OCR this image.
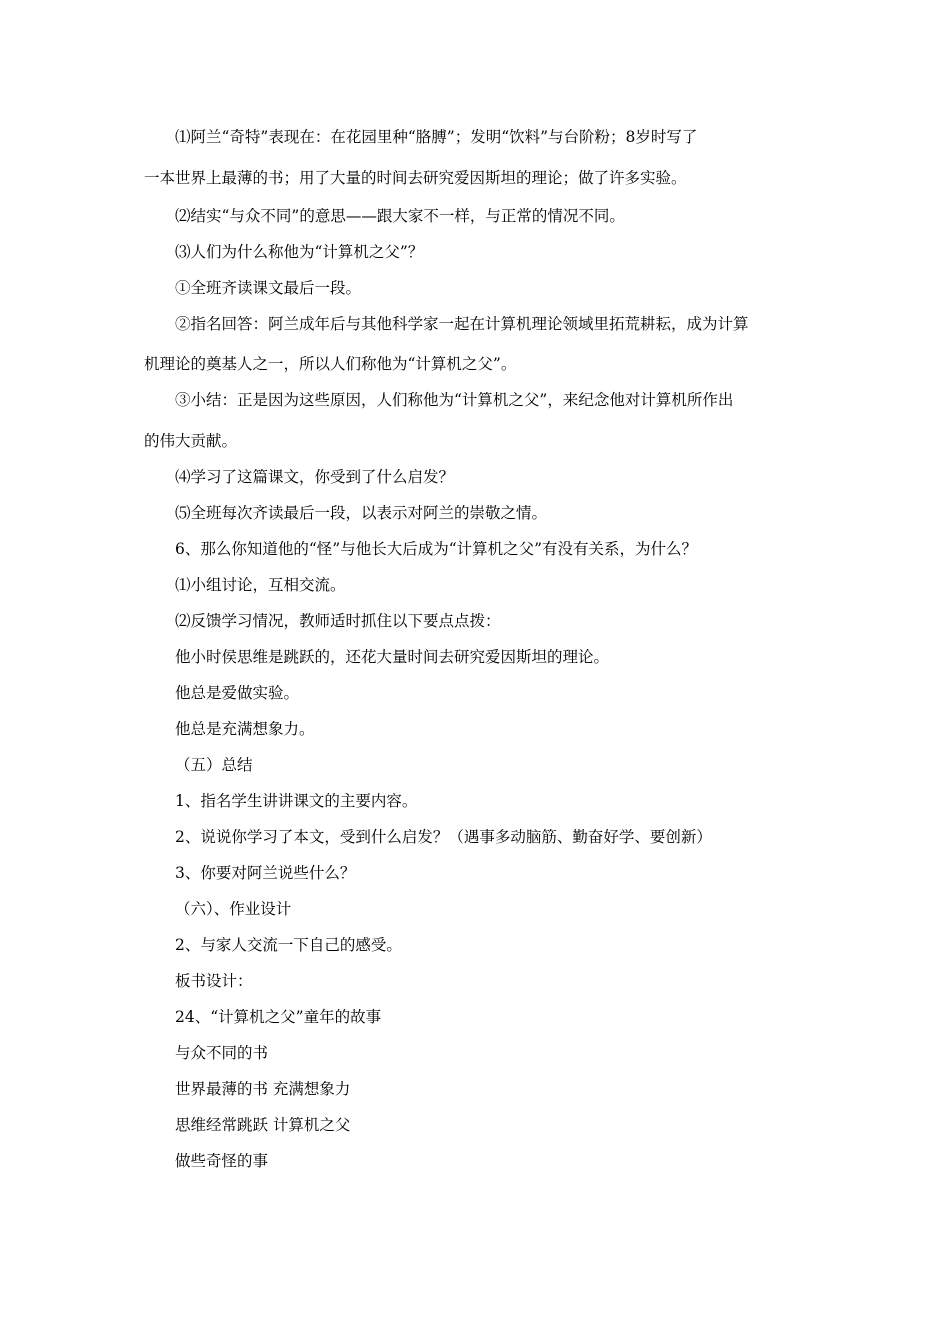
⑴阿兰“奇特”表现在：在花园里种“胳膊”；发明“饮料”与台阶粉；8岁时写了
一本世界上最薄的书；用了大量的时间去研究爱因斯坦的理论；做了许多实验。
⑵结实“与众不同”的意思——跟大家不一样，与正常的情况不同。
⑶人们为什么称他为“计算机之父”？
①全班齐读课文最后一段。
②指名回答：阿兰成年后与其他科学家一起在计算机理论领域里拓荒耕耘，成为计算
机理论的奠基人之一，所以人们称他为“计算机之父”。
③小结：正是因为这些原因，人们称他为“计算机之父”，来纪念他对计算机所作出
的伟大贡献。
⑷学习了这篇课文，你受到了什么启发？
⑸全班每次齐读最后一段，以表示对阿兰的崇敬之情。
6、那么你知道他的“怪”与他长大后成为“计算机之父”有没有关系，为什么？
⑴小组讨论，互相交流。
⑵反馈学习情况，教师适时抓住以下要点点拨：
他小时侯思维是跳跃的，还花大量时间去研究爱因斯坦的理论。
他总是爱做实验。
他总是充满想象力。
（五）总结
1、指名学生讲讲课文的主要内容。
2、说说你学习了本文，受到什么启发？（遇事多动脑筋、勤奋好学、要创新）
3、你要对阿兰说些什么？
（六）、作业设计
2、与家人交流一下自己的感受。
板书设计：
24、“计算机之父”童年的故事
与众不同的书
世界最薄的书 充满想象力
思维经常跳跃 计算机之父
做些奇怪的事
